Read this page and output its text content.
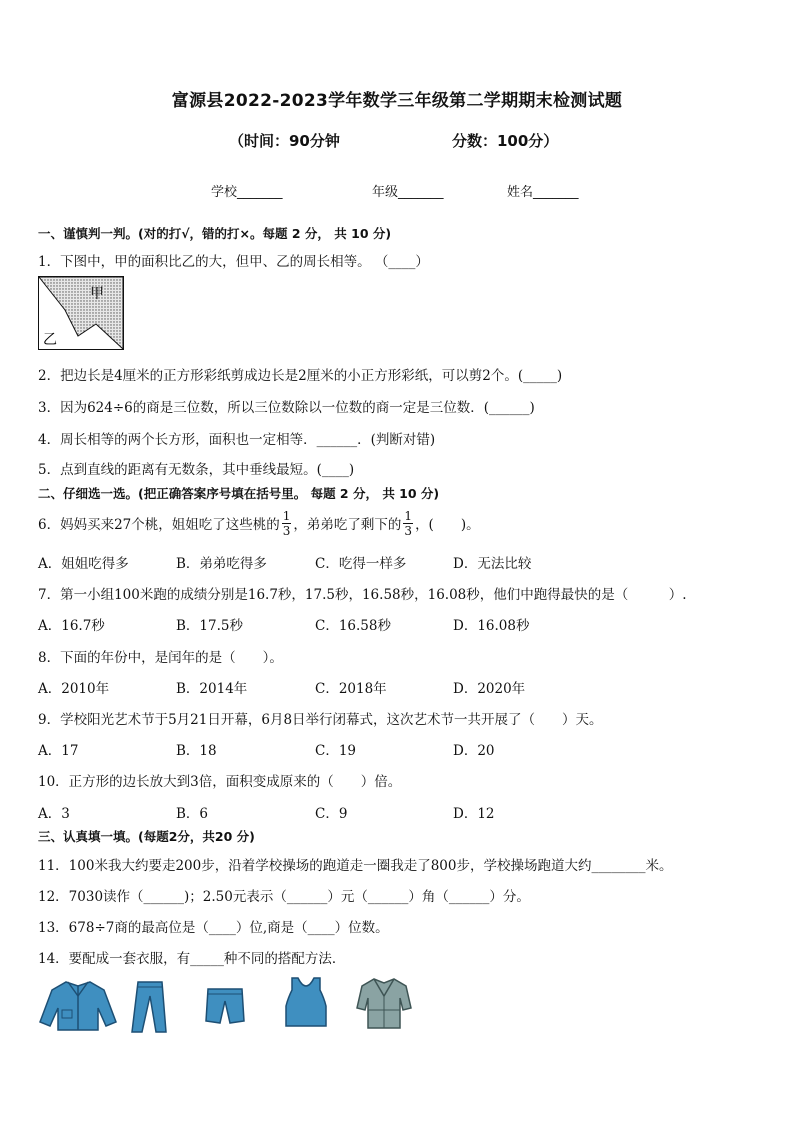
富源县2022-2023学年数学三年级第二学期期末检测试题
（时间：90分钟	分数：100分）
学校_______	年级_______	姓名_______
一、谨慎判一判。(对的打√，错的打×。每题 2 分， 共 10 分)
1．下图中，甲的面积比乙的大，但甲、乙的周长相等。 （____）
甲
乙
2．把边长是4厘米的正方形彩纸剪成边长是2厘米的小正方形彩纸，可以剪2个。(_____)
3．因为624÷6的商是三位数，所以三位数除以一位数的商一定是三位数．(______)
4．周长相等的两个长方形，面积也一定相等．______．(判断对错)
5．点到直线的距离有无数条，其中垂线最短。(____)
二、仔细选一选。(把正确答案序号填在括号里。 每题 2 分， 共 10 分)
6．妈妈买来27个桃，姐姐吃了这些桃的 $\frac{1}{3}$ ，弟弟吃了剩下的 $\frac{1}{3}$ ，(　　)。
A．姐姐吃得多	B．弟弟吃得多	C．吃得一样多	D．无法比较
7．第一小组100米跑的成绩分别是16.7秒，17.5秒，16.58秒，16.08秒，他们中跑得最快的是（　　　）.
A．16.7秒	B．17.5秒	C．16.58秒	D．16.08秒
8．下面的年份中，是闰年的是（　　）。
A．2010年	B．2014年	C．2018年	D．2020年
9．学校阳光艺术节于5月21日开幕，6月8日举行闭幕式，这次艺术节一共开展了（　　）天。
A．17	B．18	C．19	D．20
10．正方形的边长放大到3倍，面积变成原来的（　　）倍。
A．3	B．6	C．9	D．12
三、认真填一填。(每题2分，共20 分)
11．100米我大约要走200步，沿着学校操场的跑道走一圈我走了800步，学校操场跑道大约________米。
12．7030读作（______)；2.50元表示（______）元（______）角（______）分。
13．678÷7商的最高位是（____）位,商是（____）位数。
14．要配成一套衣服，有_____种不同的搭配方法．
